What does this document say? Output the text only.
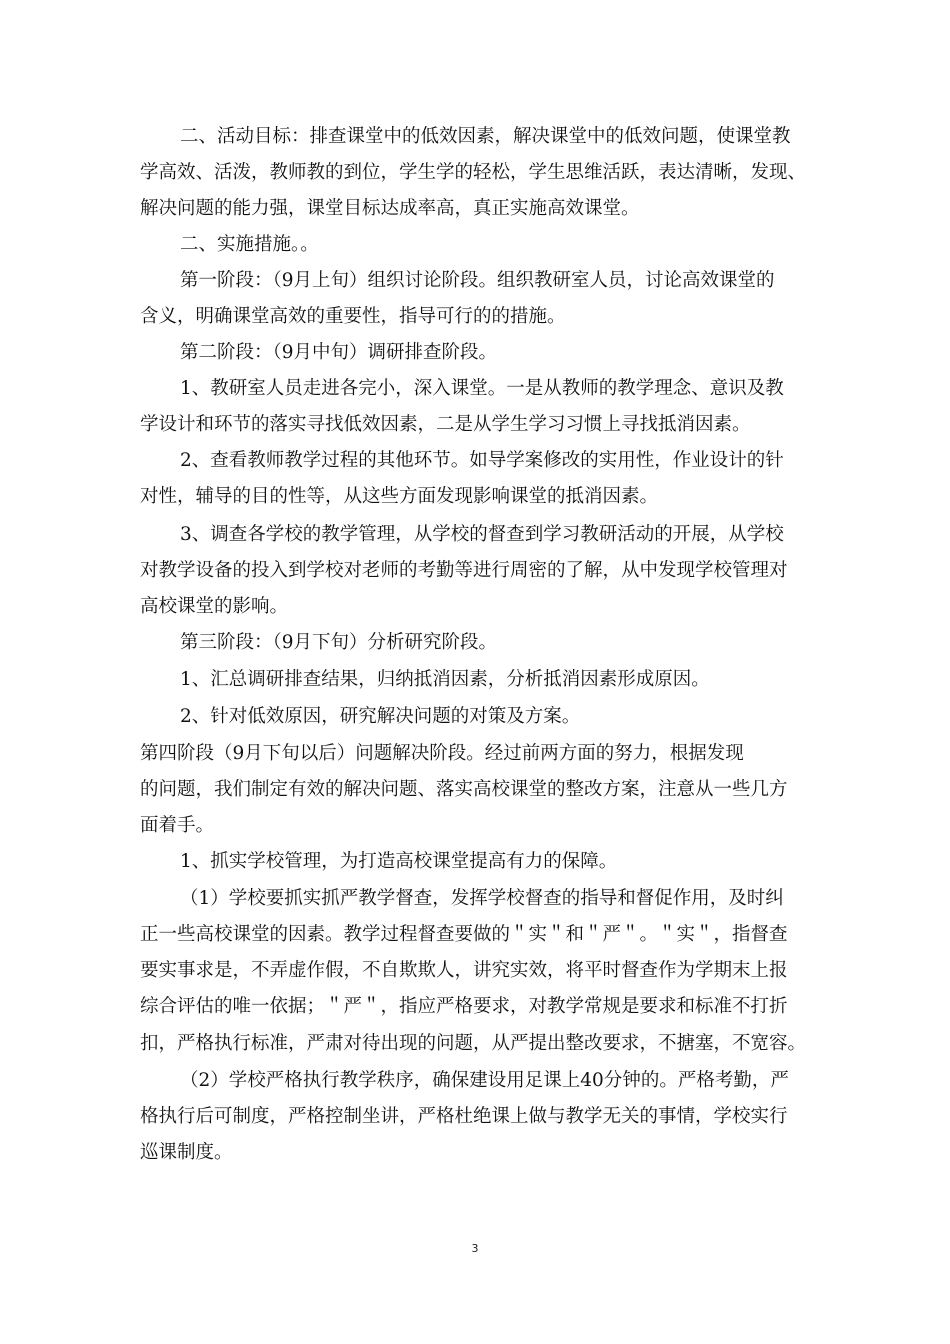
二、活动目标：排查课堂中的低效因素，解决课堂中的低效问题，使课堂教

学高效、活泼，教师教的到位，学生学的轻松，学生思维活跃，表达清晰，发现、

解决问题的能力强，课堂目标达成率高，真正实施高效课堂。

二、实施措施。。

第一阶段：（9月上旬）组织讨论阶段。组织教研室人员，讨论高效课堂的

含义，明确课堂高效的重要性，指导可行的的措施。

第二阶段：（9月中旬）调研排查阶段。

1、教研室人员走进各完小，深入课堂。一是从教师的教学理念、意识及教

学设计和环节的落实寻找低效因素，二是从学生学习习惯上寻找抵消因素。

2、查看教师教学过程的其他环节。如导学案修改的实用性，作业设计的针

对性，辅导的目的性等，从这些方面发现影响课堂的抵消因素。

3、调查各学校的教学管理，从学校的督查到学习教研活动的开展，从学校

对教学设备的投入到学校对老师的考勤等进行周密的了解，从中发现学校管理对

高校课堂的影响。

第三阶段：（9月下旬）分析研究阶段。

1、汇总调研排查结果，归纳抵消因素，分析抵消因素形成原因。

2、针对低效原因，研究解决问题的对策及方案。

第四阶段（9月下旬以后）问题解决阶段。经过前两方面的努力，根据发现

的问题，我们制定有效的解决问题、落实高校课堂的整改方案，注意从一些几方

面着手。

1、抓实学校管理，为打造高校课堂提高有力的保障。

（1）学校要抓实抓严教学督查，发挥学校督查的指导和督促作用，及时纠

正一些高校课堂的因素。教学过程督查要做的＂实＂和＂严＂。＂实＂，指督查

要实事求是，不弄虚作假，不自欺欺人，讲究实效，将平时督查作为学期末上报

综合评估的唯一依据；＂严＂，指应严格要求，对教学常规是要求和标准不打折

扣，严格执行标准，严肃对待出现的问题，从严提出整改要求，不搪塞，不宽容。

（2）学校严格执行教学秩序，确保建设用足课上40分钟的。严格考勤，严

格执行后可制度，严格控制坐讲，严格杜绝课上做与教学无关的事情，学校实行

巡课制度。

3
